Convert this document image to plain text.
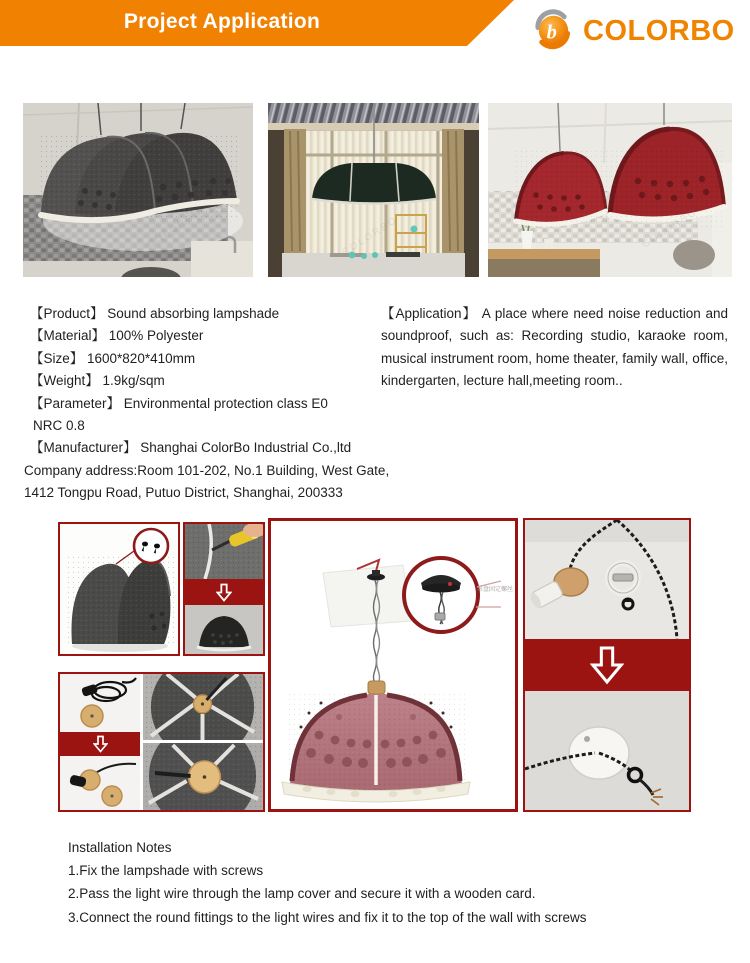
Project Application	b COLORBO
【Product】 Sound absorbing lampshade
【Material】 100% Polyester
【Size】 1600*820*410mm
【Weight】 1.9kg/sqm
【Parameter】 Environmental protection class E0
NRC 0.8
【Manufacturer】 Shanghai ColorBo Industrial Co.,ltd
Company address:Room 101-202, No.1 Building, West Gate,
1412 Tongpu Road, Putuo District, Shanghai, 200333
【Application】 A place where need noise reduction and soundproof, such as: Recording studio, karaoke room, musical instrument room, home theater, family wall, office, kindergarten, lecture hall,meeting room..
吊盘固定螺丝
Installation Notes
1.Fix the lampshade with screws
2.Pass the light wire through the lamp cover and secure it with a wooden card.
3.Connect the round fittings to the light wires and fix it to the top of the wall with screws
